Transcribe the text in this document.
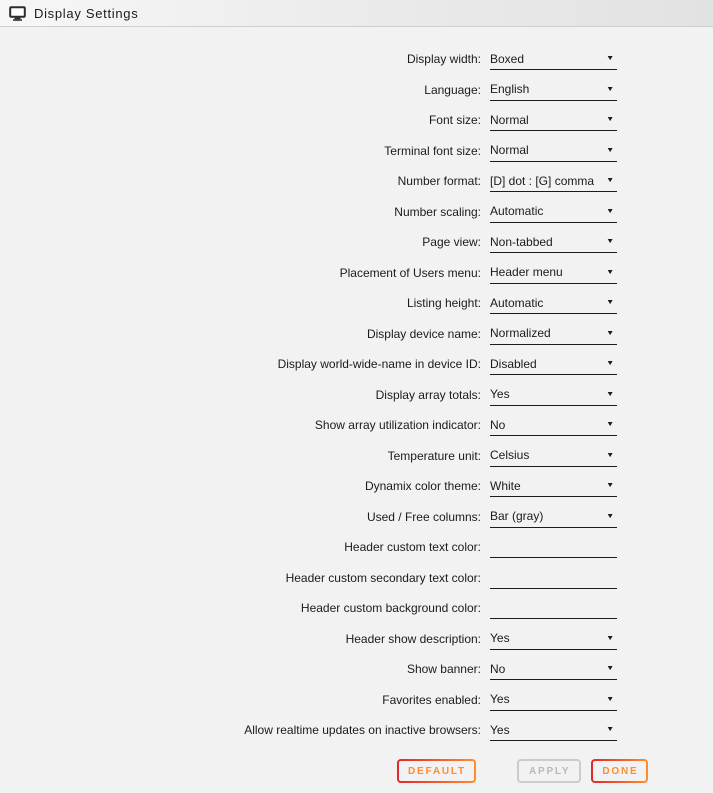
Display Settings
Display width: Boxed	▼
Language: English	▼
Font size: Normal	▼
Terminal font size: Normal	▼
Number format: [D] dot : [G] comma ▼
Number scaling: Automatic	▼
Page view: Non-tabbed	▼
Placement of Users menu: Header menu	▼
Listing height: Automatic	▼
Display device name: Normalized	▼
Display world-wide-name in device ID: Disabled	▼
Display array totals: Yes	▼
Show array utilization indicator: No	▼
Temperature unit: Celsius	▼
Dynamix color theme: White	▼
Used / Free columns: Bar (gray)	▼
Header custom text color:
Header custom secondary text color:
Header custom background color:
Header show description: Yes	▼
Show banner: No	▼
Favorites enabled: Yes	▼
Allow realtime updates on inactive browsers: Yes	▼
DEFAULT	APPLY	DONE
